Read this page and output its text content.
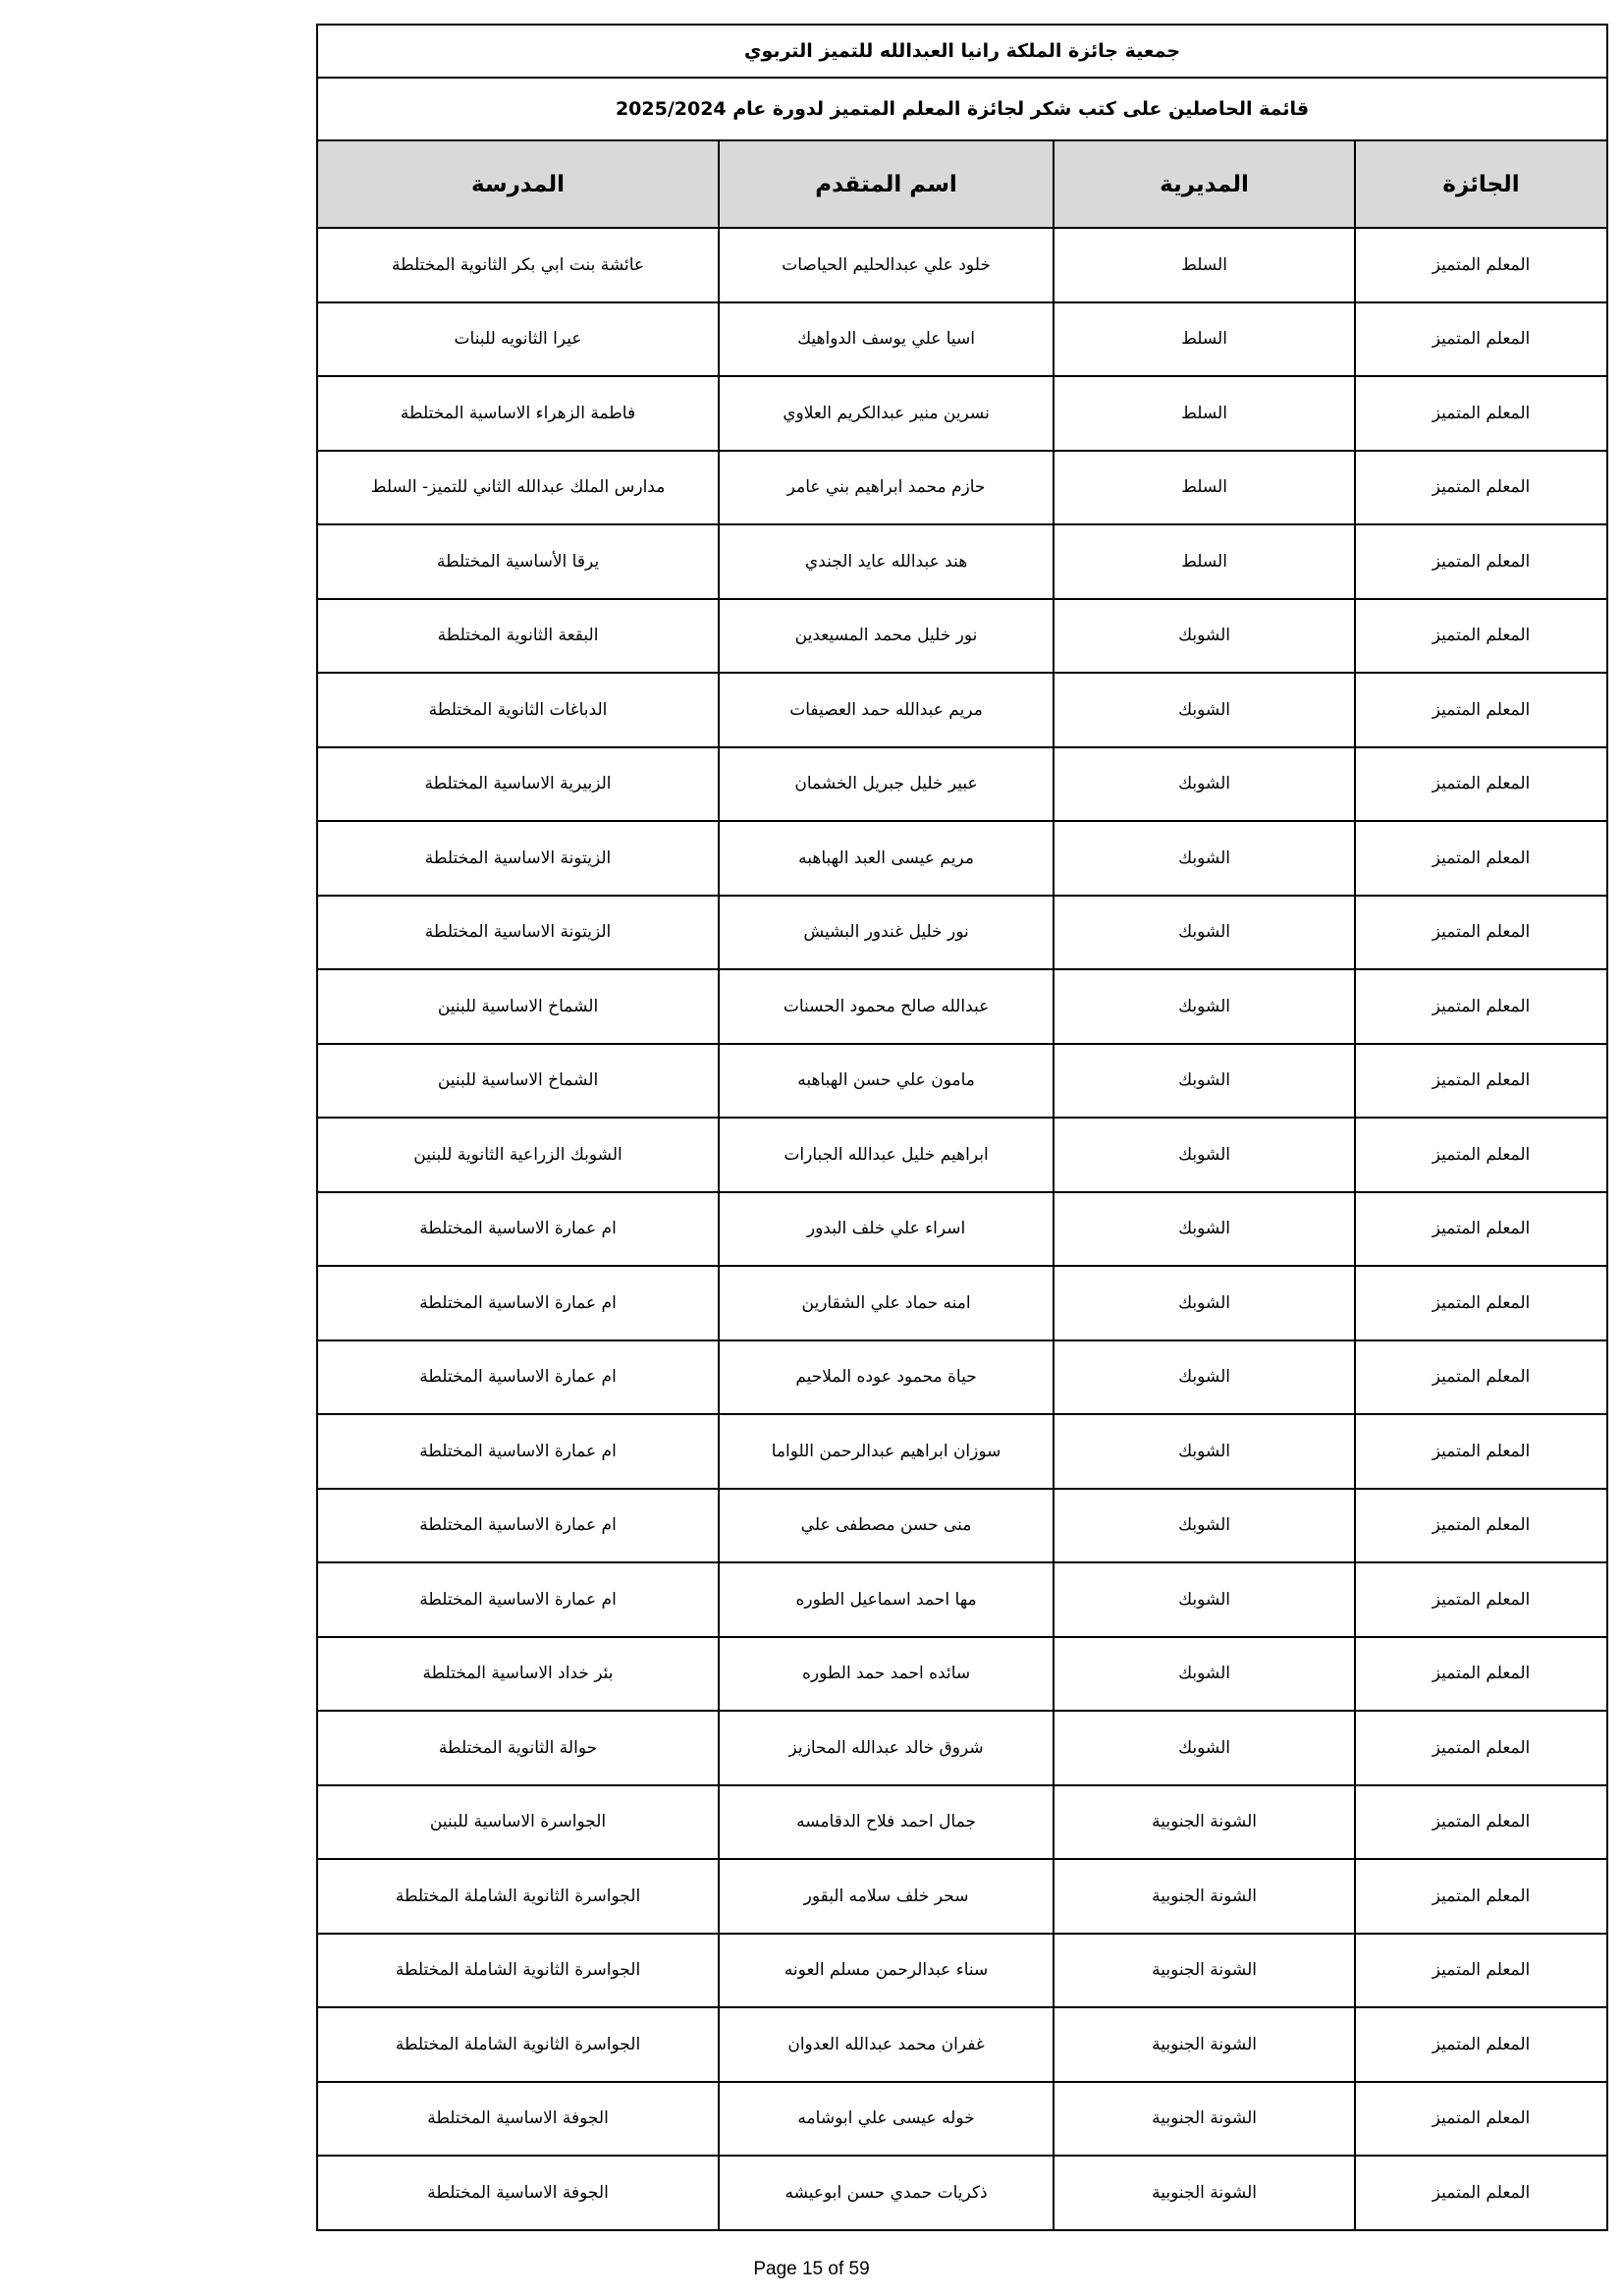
جمعية جائزة الملكة رانيا العبدالله للتميز التربوي			
قائمة الحاصلين على كتب شكر لجائزة المعلم المتميز لدورة عام 2025/2024			
الجائزة	المديرية	اسم المتقدم	المدرسة
المعلم المتميز	السلط	خلود علي عبدالحليم الحياصات	عائشة بنت ابي بكر الثانوية المختلطة
المعلم المتميز	السلط	اسيا علي يوسف الدواهيك	عيرا الثانويه للبنات
المعلم المتميز	السلط	نسرين منير عبدالكريم العلاوي	فاطمة الزهراء الاساسية المختلطة
المعلم المتميز	السلط	حازم محمد ابراهيم بني عامر	مدارس الملك عبدالله الثاني للتميز- السلط
المعلم المتميز	السلط	هند عبدالله عايد الجندي	يرقا الأساسية المختلطة
المعلم المتميز	الشوبك	نور خليل محمد المسيعدين	البقعة الثانوية المختلطة
المعلم المتميز	الشوبك	مريم عبدالله حمد العصيفات	الدباغات الثانوية المختلطة
المعلم المتميز	الشوبك	عبير خليل جبريل الخشمان	الزبيرية الاساسية المختلطة
المعلم المتميز	الشوبك	مريم عيسى العبد الهباهبه	الزيتونة الاساسية المختلطة
المعلم المتميز	الشوبك	نور خليل غندور البشيش	الزيتونة الاساسية المختلطة
المعلم المتميز	الشوبك	عبدالله صالح محمود الحسنات	الشماخ الاساسية للبنين
المعلم المتميز	الشوبك	مامون علي حسن الهباهبه	الشماخ الاساسية للبنين
المعلم المتميز	الشوبك	ابراهيم خليل عبدالله الجبارات	الشوبك الزراعية الثانوية للبنين
المعلم المتميز	الشوبك	اسراء علي خلف البدور	ام عمارة الاساسية المختلطة
المعلم المتميز	الشوبك	امنه حماد علي الشقارين	ام عمارة الاساسية المختلطة
المعلم المتميز	الشوبك	حياة محمود عوده الملاحيم	ام عمارة الاساسية المختلطة
المعلم المتميز	الشوبك	سوزان ابراهيم عبدالرحمن اللواما	ام عمارة الاساسية المختلطة
المعلم المتميز	الشوبك	منى حسن مصطفى علي	ام عمارة الاساسية المختلطة
المعلم المتميز	الشوبك	مها احمد اسماعيل الطوره	ام عمارة الاساسية المختلطة
المعلم المتميز	الشوبك	سائده احمد حمد الطوره	بئر خداد الاساسية المختلطة
المعلم المتميز	الشوبك	شروق خالد عبدالله المحازيز	حوالة الثانوية المختلطة
المعلم المتميز	الشونة الجنوبية	جمال احمد فلاح الدقامسه	الجواسرة الاساسية للبنين
المعلم المتميز	الشونة الجنوبية	سحر خلف سلامه البقور	الجواسرة الثانوية الشاملة المختلطة
المعلم المتميز	الشونة الجنوبية	سناء عبدالرحمن مسلم العونه	الجواسرة الثانوية الشاملة المختلطة
المعلم المتميز	الشونة الجنوبية	غفران محمد عبدالله العدوان	الجواسرة الثانوية الشاملة المختلطة
المعلم المتميز	الشونة الجنوبية	خوله عيسى علي ابوشامه	الجوفة الاساسية المختلطة
المعلم المتميز	الشونة الجنوبية	ذكريات حمدي حسن ابوعيشه	الجوفة الاساسية المختلطة
Page 15 of 59
